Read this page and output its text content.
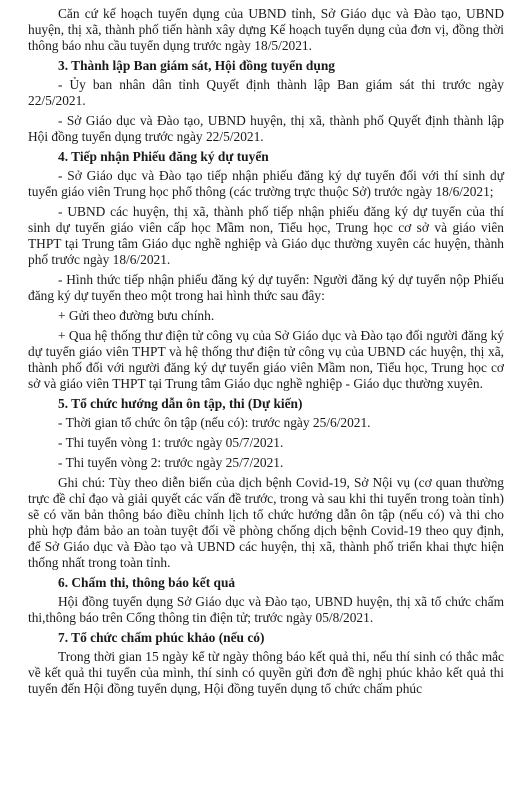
Căn cứ kế hoạch tuyển dụng của UBND tỉnh, Sở Giáo dục và Đào tạo, UBND huyện, thị xã, thành phố tiến hành xây dựng Kế hoạch tuyển dụng của đơn vị, đồng thời thông báo nhu cầu tuyển dụng trước ngày 18/5/2021.

3. Thành lập Ban giám sát, Hội đồng tuyển dụng

- Ủy ban nhân dân tỉnh Quyết định thành lập Ban giám sát thi trước ngày 22/5/2021.

- Sở Giáo dục và Đào tạo, UBND huyện, thị xã, thành phố Quyết định thành lập Hội đồng tuyển dụng trước ngày 22/5/2021.

4. Tiếp nhận Phiếu đăng ký dự tuyển

- Sở Giáo dục và Đào tạo tiếp nhận phiếu đăng ký dự tuyển đối với thí sinh dự tuyển giáo viên Trung học phổ thông (các trường trực thuộc Sở) trước ngày 18/6/2021;

- UBND các huyện, thị xã, thành phố tiếp nhận phiếu đăng ký dự tuyển của thí sinh dự tuyển giáo viên cấp học Mầm non, Tiểu học, Trung học cơ sở và giáo viên THPT tại Trung tâm Giáo dục nghề nghiệp và Giáo dục thường xuyên các huyện, thành phố trước ngày 18/6/2021.

- Hình thức tiếp nhận phiếu đăng ký dự tuyển: Người đăng ký dự tuyển nộp Phiếu đăng ký dự tuyển theo một trong hai hình thức sau đây:

+ Gửi theo đường bưu chính.

+ Qua hệ thống thư điện tử công vụ của Sở Giáo dục và Đào tạo đối người đăng ký dự tuyển giáo viên THPT và hệ thống thư điện tử công vụ của UBND các huyện, thị xã, thành phố đối với người đăng ký dự tuyển giáo viên Mầm non, Tiểu học, Trung học cơ sở và giáo viên THPT tại Trung tâm Giáo dục nghề nghiệp - Giáo dục thường xuyên.

5. Tổ chức hướng dẫn ôn tập, thi (Dự kiến)

- Thời gian tổ chức ôn tập (nếu có): trước ngày 25/6/2021.

- Thi tuyển vòng 1: trước ngày 05/7/2021.

- Thi tuyển vòng 2: trước ngày 25/7/2021.

Ghi chú: Tùy theo diễn biến của dịch bệnh Covid-19, Sở Nội vụ (cơ quan thường trực đề chỉ đạo và giải quyết các vấn đề trước, trong và sau khi thi tuyển trong toàn tỉnh) sẽ có văn bản thông báo điều chỉnh lịch tổ chức hướng dẫn ôn tập (nếu có) và thi cho phù hợp đảm bảo an toàn tuyệt đối về phòng chống dịch bệnh Covid-19 theo quy định, để Sở Giáo dục và Đào tạo và UBND các huyện, thị xã, thành phố triển khai thực hiện thống nhất trong toàn tỉnh.

6. Chấm thi, thông báo kết quả

Hội đồng tuyển dụng Sở Giáo dục và Đào tạo, UBND huyện, thị xã tổ chức chấm thi,thông báo trên Cổng thông tin điện tử; trước ngày 05/8/2021.

7. Tổ chức chấm phúc khảo (nếu có)

Trong thời gian 15 ngày kể từ ngày thông báo kết quả thi, nếu thí sinh có thắc mắc về kết quả thi tuyển của mình, thí sinh có quyền gửi đơn đề nghị phúc khảo kết quả thi tuyển đến Hội đồng tuyển dụng, Hội đồng tuyển dụng tổ chức chấm phúc
